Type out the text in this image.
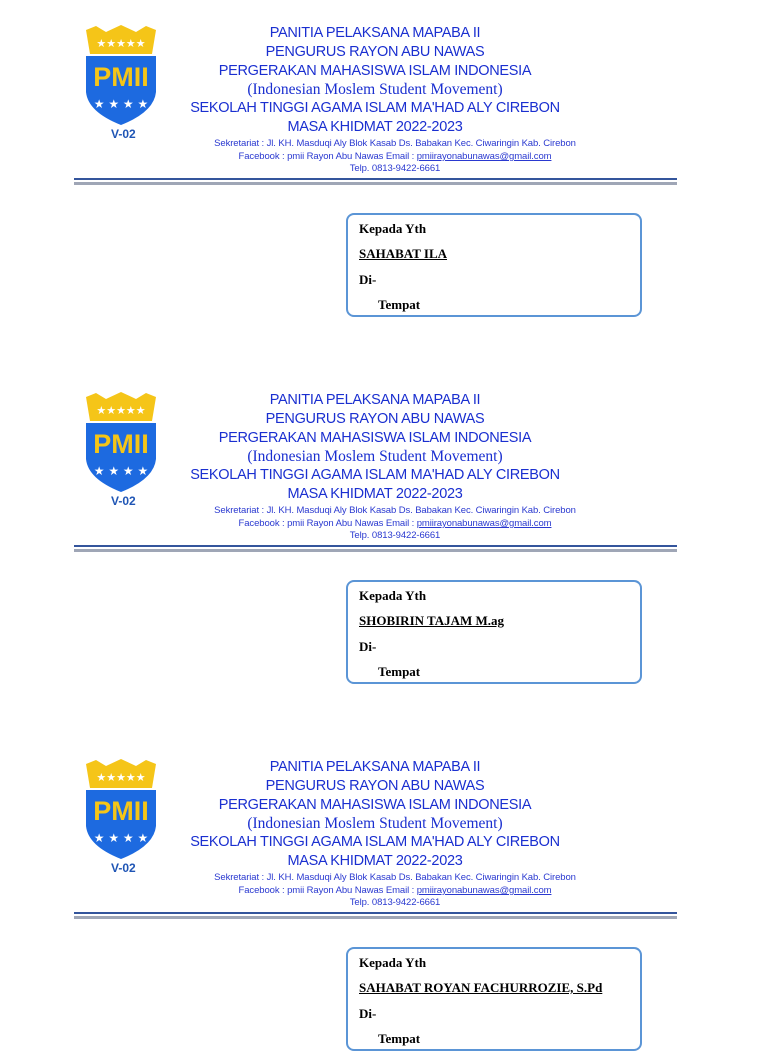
★★★★★
PMII
★ ★ ★ ★
V-02
PANITIA PELAKSANA MAPABA II
PENGURUS RAYON ABU NAWAS
PERGERAKAN MAHASISWA ISLAM INDONESIA
(Indonesian Moslem Student Movement)
SEKOLAH TINGGI AGAMA ISLAM MA'HAD ALY CIREBON
MASA KHIDMAT 2022-2023
Sekretariat : Jl. KH. Masduqi Aly Blok Kasab Ds. Babakan Kec. Ciwaringin Kab. Cirebon
Facebook : pmii Rayon Abu Nawas Email : pmiirayonabunawas@gmail.com
Telp. 0813-9422-6661
Kepada Yth
SAHABAT ILA
Di-
Tempat
★★★★★
PMII
★ ★ ★ ★
V-02
PANITIA PELAKSANA MAPABA II
PENGURUS RAYON ABU NAWAS
PERGERAKAN MAHASISWA ISLAM INDONESIA
(Indonesian Moslem Student Movement)
SEKOLAH TINGGI AGAMA ISLAM MA'HAD ALY CIREBON
MASA KHIDMAT 2022-2023
Sekretariat : Jl. KH. Masduqi Aly Blok Kasab Ds. Babakan Kec. Ciwaringin Kab. Cirebon
Facebook : pmii Rayon Abu Nawas Email : pmiirayonabunawas@gmail.com
Telp. 0813-9422-6661
Kepada Yth
SHOBIRIN TAJAM M.ag
Di-
Tempat
★★★★★
PMII
★ ★ ★ ★
V-02
PANITIA PELAKSANA MAPABA II
PENGURUS RAYON ABU NAWAS
PERGERAKAN MAHASISWA ISLAM INDONESIA
(Indonesian Moslem Student Movement)
SEKOLAH TINGGI AGAMA ISLAM MA'HAD ALY CIREBON
MASA KHIDMAT 2022-2023
Sekretariat : Jl. KH. Masduqi Aly Blok Kasab Ds. Babakan Kec. Ciwaringin Kab. Cirebon
Facebook : pmii Rayon Abu Nawas Email : pmiirayonabunawas@gmail.com
Telp. 0813-9422-6661
Kepada Yth
SAHABAT ROYAN FACHURROZIE, S.Pd
Di-
Tempat
